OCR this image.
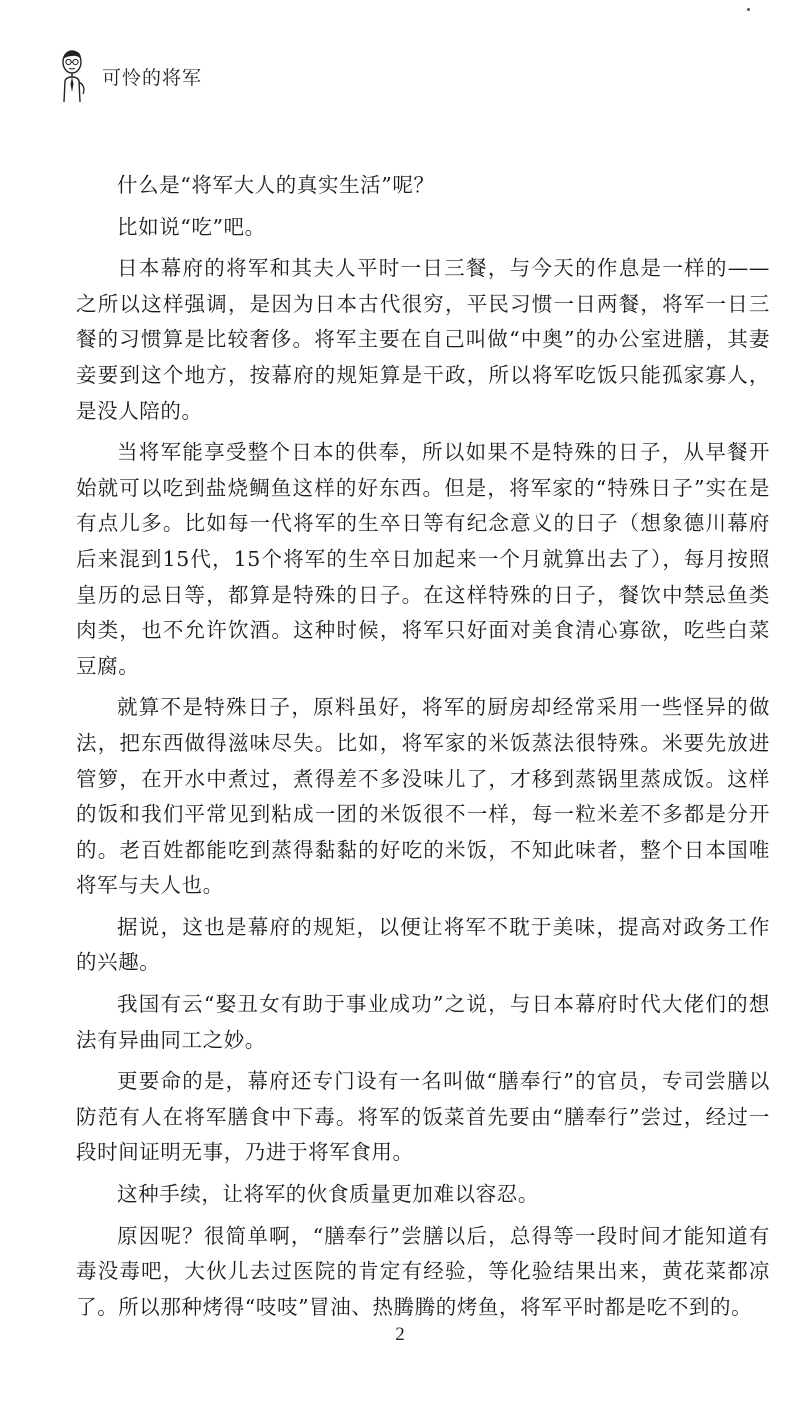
可怜的将军

什么是“将军大人的真实生活”呢？

比如说“吃”吧。

日本幕府的将军和其夫人平时一日三餐，与今天的作息是一样的——之所以这样强调，是因为日本古代很穷，平民习惯一日两餐，将军一日三餐的习惯算是比较奢侈。将军主要在自己叫做“中奥”的办公室进膳，其妻妾要到这个地方，按幕府的规矩算是干政，所以将军吃饭只能孤家寡人，是没人陪的。

当将军能享受整个日本的供奉，所以如果不是特殊的日子，从早餐开始就可以吃到盐烧鲷鱼这样的好东西。但是，将军家的“特殊日子”实在是有点儿多。比如每一代将军的生卒日等有纪念意义的日子（想象德川幕府后来混到15代，15个将军的生卒日加起来一个月就算出去了），每月按照皇历的忌日等，都算是特殊的日子。在这样特殊的日子，餐饮中禁忌鱼类肉类，也不允许饮酒。这种时候，将军只好面对美食清心寡欲，吃些白菜豆腐。

就算不是特殊日子，原料虽好，将军的厨房却经常采用一些怪异的做法，把东西做得滋味尽失。比如，将军家的米饭蒸法很特殊。米要先放进管箩，在开水中煮过，煮得差不多没味儿了，才移到蒸锅里蒸成饭。这样的饭和我们平常见到粘成一团的米饭很不一样，每一粒米差不多都是分开的。老百姓都能吃到蒸得黏黏的好吃的米饭，不知此味者，整个日本国唯将军与夫人也。

据说，这也是幕府的规矩，以便让将军不耽于美味，提高对政务工作的兴趣。

我国有云“娶丑女有助于事业成功”之说，与日本幕府时代大佬们的想法有异曲同工之妙。

更要命的是，幕府还专门设有一名叫做“膳奉行”的官员，专司尝膳以防范有人在将军膳食中下毒。将军的饭菜首先要由“膳奉行”尝过，经过一段时间证明无事，乃进于将军食用。

这种手续，让将军的伙食质量更加难以容忍。

原因呢？很简单啊，“膳奉行”尝膳以后，总得等一段时间才能知道有毒没毒吧，大伙儿去过医院的肯定有经验，等化验结果出来，黄花菜都凉了。所以那种烤得“吱吱”冒油、热腾腾的烤鱼，将军平时都是吃不到的。

2
